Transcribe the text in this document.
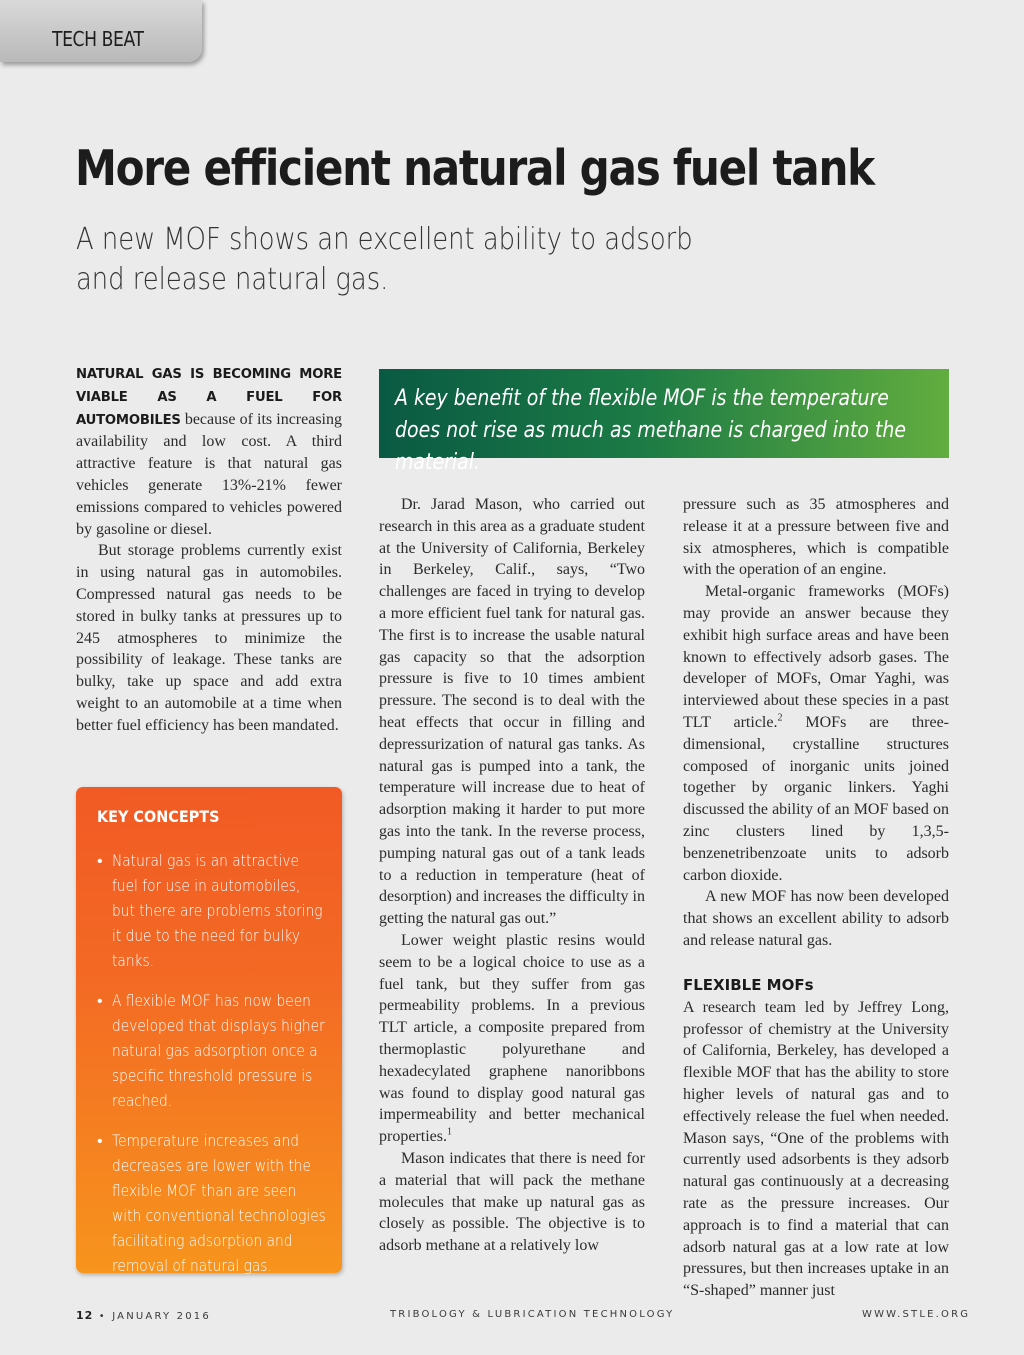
TECH BEAT
More efficient natural gas fuel tank
A new MOF shows an excellent ability to adsorb and release natural gas.

NATURAL GAS IS BECOMING MORE VIABLE AS A FUEL FOR AUTOMOBILES because of its increasing availability and low cost. A third attractive feature is that natural gas vehicles generate 13%-21% fewer emissions compared to vehicles powered by gasoline or diesel.

But storage problems currently exist in using natural gas in automobiles. Compressed natural gas needs to be stored in bulky tanks at pressures up to 245 atmospheres to minimize the possibility of leakage. These tanks are bulky, take up space and add extra weight to an automobile at a time when better fuel efficiency has been mandated.

KEY CONCEPTS
• Natural gas is an attractive fuel for use in automobiles, but there are problems storing it due to the need for bulky tanks.
• A flexible MOF has now been developed that displays higher natural gas adsorption once a specific threshold pressure is reached.
• Temperature increases and decreases are lower with the flexible MOF than are seen with conventional technologies facilitating adsorption and removal of natural gas.
A key benefit of the flexible MOF is the temperature does not rise as much as methane is charged into the material.

Dr. Jarad Mason, who carried out research in this area as a graduate student at the University of California, Berkeley in Berkeley, Calif., says, “Two challenges are faced in trying to develop a more efficient fuel tank for natural gas. The first is to increase the usable natural gas capacity so that the adsorption pressure is five to 10 times ambient pressure. The second is to deal with the heat effects that occur in filling and depressurization of natural gas tanks. As natural gas is pumped into a tank, the temperature will increase due to heat of adsorption making it harder to put more gas into the tank. In the reverse process, pumping natural gas out of a tank leads to a reduction in temperature (heat of desorption) and increases the difficulty in getting the natural gas out.”

Lower weight plastic resins would seem to be a logical choice to use as a fuel tank, but they suffer from gas permeability problems. In a previous TLT article, a composite prepared from thermoplastic polyurethane and hexadecylated graphene nanoribbons was found to display good natural gas impermeability and better mechanical properties.$^1$

Mason indicates that there is need for a material that will pack the methane molecules that make up natural gas as closely as possible. The objective is to adsorb methane at a relatively low

pressure such as 35 atmospheres and release it at a pressure between five and six atmospheres, which is compatible with the operation of an engine.

Metal-organic frameworks (MOFs) may provide an answer because they exhibit high surface areas and have been known to effectively adsorb gases. The developer of MOFs, Omar Yaghi, was interviewed about these species in a past TLT article.$^2$ MOFs are three-dimensional, crystalline structures composed of inorganic units joined together by organic linkers. Yaghi discussed the ability of an MOF based on zinc clusters lined by 1,3,5-benzenetribenzoate units to adsorb carbon dioxide.

A new MOF has now been developed that shows an excellent ability to adsorb and release natural gas.

FLEXIBLE MOFs

A research team led by Jeffrey Long, professor of chemistry at the University of California, Berkeley, has developed a flexible MOF that has the ability to store higher levels of natural gas and to effectively release the fuel when needed. Mason says, “One of the problems with currently used adsorbents is they adsorb natural gas continuously at a decreasing rate as the pressure increases. Our approach is to find a material that can adsorb natural gas at a low rate at low pressures, but then increases uptake in an “S-shaped” manner just

12 • JANUARY 2016	TRIBOLOGY & LUBRICATION TECHNOLOGY	WWW.STLE.ORG
